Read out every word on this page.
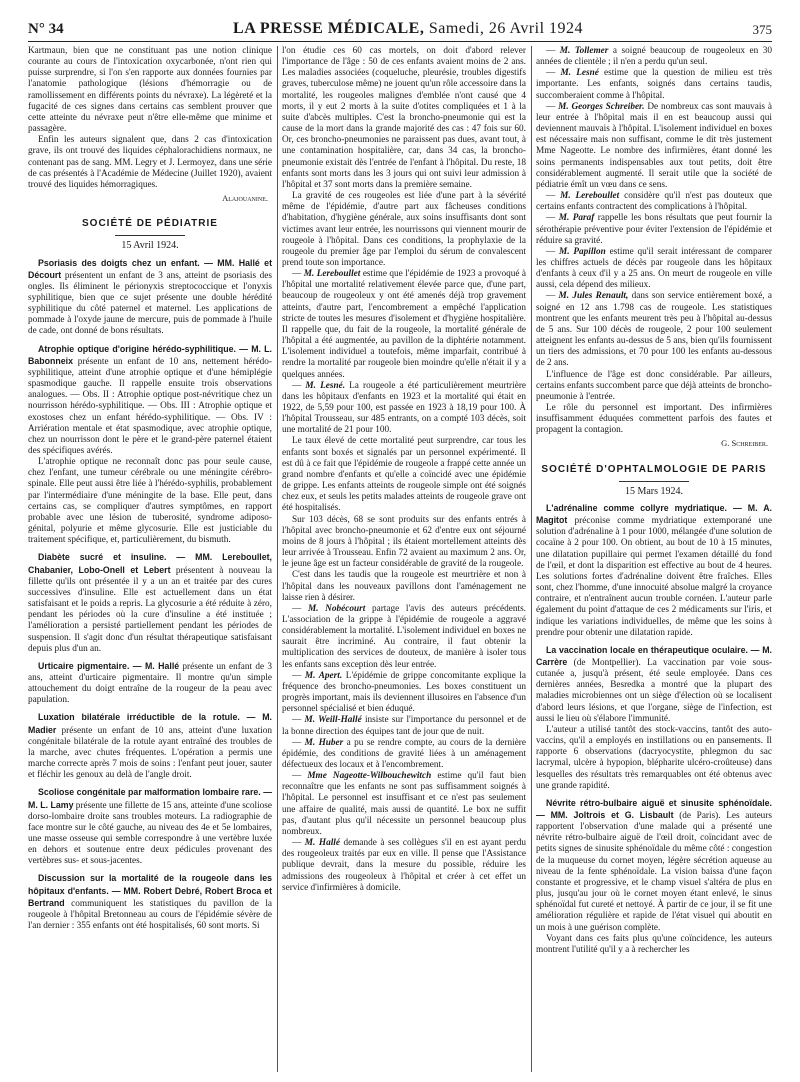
N° 34	LA PRESSE MÉDICALE, Samedi, 26 Avril 1924	375

Kartmaun, bien que ne constituant pas une notion clinique courante au cours de l'intoxication oxycarbonée, n'ont rien qui puisse surprendre, si l'on s'en rapporte aux données fournies par l'anatomie pathologique (lésions d'hémorragie ou de ramollissement en différents points du névraxe). La légèreté et la fugacité de ces signes dans certains cas semblent prouver que cette atteinte du névraxe peut n'être elle-même que minime et passagère.

Enfin les auteurs signalent que, dans 2 cas d'intoxication grave, ils ont trouvé des liquides céphalorachidiens normaux, ne contenant pas de sang. MM. Legry et J. Lermoyez, dans une série de cas présentés à l'Académie de Médecine (Juillet 1920), avaient trouvé des liquides hémorragiques.

Alajouanine.
SOCIÉTÉ DE PÉDIATRIE
15 Avril 1924.

Psoriasis des doigts chez un enfant. — MM. Hallé et Décourt présentent un enfant de 3 ans, atteint de psoriasis des ongles. Ils éliminent le périonyxis streptococcique et l'onyxis syphilitique, bien que ce sujet présente une double hérédité syphilitique du côté paternel et maternel. Les applications de pommade à l'oxyde jaune de mercure, puis de pommade à l'huile de cade, ont donné de bons résultats.

Atrophie optique d'origine hérédo-syphilitique. — M. L. Babonneix présente un enfant de 10 ans, nettement hérédo-syphilitique, atteint d'une atrophie optique et d'une hémiplégie spasmodique gauche. Il rappelle ensuite trois observations analogues. — Obs. II : Atrophie optique post-névritique chez un nourrisson hérédo-syphilitique. — Obs. III : Atrophie optique et exostoses chez un enfant hérédo-syphilitique. — Obs. IV : Arriération mentale et état spasmodique, avec atrophie optique, chez un nourrisson dont le père et le grand-père paternel étaient des spécifiques avérés.

L'atrophie optique ne reconnaît donc pas pour seule cause, chez l'enfant, une tumeur cérébrale ou une méningite cérébro-spinale. Elle peut aussi être liée à l'hérédo-syphilis, probablement par l'intermédiaire d'une méningite de la base. Elle peut, dans certains cas, se compliquer d'autres symptômes, en rapport probable avec une lésion de tuberosité, syndrome adiposo-génital, polyurie et même glycosurie. Elle est justiciable du traitement spécifique, et, particulièrement, du bismuth.

Diabète sucré et insuline. — MM. Lereboullet, Chabanier, Lobo-Onell et Lebert présentent à nouveau la fillette qu'ils ont présentée il y a un an et traitée par des cures successives d'insuline. Elle est actuellement dans un état satisfaisant et le poids a repris. La glycosurie a été réduite à zéro, pendant les périodes où la cure d'insuline a été instituée ; l'amélioration a persisté partiellement pendant les périodes de suspension. Il s'agit donc d'un résultat thérapeutique satisfaisant depuis plus d'un an.

Urticaire pigmentaire. — M. Hallé présente un enfant de 3 ans, atteint d'urticaire pigmentaire. Il montre qu'un simple attouchement du doigt entraîne de la rougeur de la peau avec papulation.

Luxation bilatérale irréductible de la rotule. — M. Madier présente un enfant de 10 ans, atteint d'une luxation congénitale bilatérale de la rotule ayant entraîné des troubles de la marche, avec chutes fréquentes. L'opération a permis une marche correcte après 7 mois de soins : l'enfant peut jouer, sauter et fléchir les genoux au delà de l'angle droit.

Scoliose congénitale par malformation lombaire rare. — M. L. Lamy présente une fillette de 15 ans, atteinte d'une scoliose dorso-lombaire droite sans troubles moteurs. La radiographie de face montre sur le côté gauche, au niveau des 4e et 5e lombaires, une masse osseuse qui semble correspondre à une vertèbre luxée en dehors et soutenue entre deux pédicules provenant des vertèbres sus- et sous-jacentes.

Discussion sur la mortalité de la rougeole dans les hôpitaux d'enfants. — MM. Robert Debré, Robert Broca et Bertrand communiquent les statistiques du pavillon de la rougeole à l'hôpital Bretonneau au cours de l'épidémie sévère de l'an dernier : 355 enfants ont été hospitalisés, 60 sont morts. Si

l'on étudie ces 60 cas mortels, on doit d'abord relever l'importance de l'âge : 50 de ces enfants avaient moins de 2 ans. Les maladies associées (coqueluche, pleurésie, troubles digestifs graves, tuberculose même) ne jouent qu'un rôle accessoire dans la mortalité, les rougeoles malignes d'emblée n'ont causé que 4 morts, il y eut 2 morts à la suite d'otites compliquées et 1 à la suite d'abcès multiples. C'est la broncho-pneumonie qui est la cause de la mort dans la grande majorité des cas : 47 fois sur 60. Or, ces broncho-pneumonies ne paraissent pas dues, avant tout, à une contamination hospitalière, car, dans 34 cas, la broncho-pneumonie existait dès l'entrée de l'enfant à l'hôpital. Du reste, 18 enfants sont morts dans les 3 jours qui ont suivi leur admission à l'hôpital et 37 sont morts dans la première semaine.

La gravité de ces rougeoles est liée d'une part à la sévérité même de l'épidémie, d'autre part aux fâcheuses conditions d'habitation, d'hygiène générale, aux soins insuffisants dont sont victimes avant leur entrée, les nourrissons qui viennent mourir de rougeole à l'hôpital. Dans ces conditions, la prophylaxie de la rougeole du premier âge par l'emploi du sérum de convalescent prend toute son importance.

— M. Lereboullet estime que l'épidémie de 1923 a provoqué à l'hôpital une mortalité relativement élevée parce que, d'une part, beaucoup de rougeoleux y ont été amenés déjà trop gravement atteints, d'autre part, l'encombrement a empêché l'application stricte de toutes les mesures d'isolement et d'hygiène hospitalière. Il rappelle que, du fait de la rougeole, la mortalité générale de l'hôpital a été augmentée, au pavillon de la diphtérie notamment. L'isolement individuel a toutefois, même imparfait, contribué à rendre la mortalité par rougeole bien moindre qu'elle n'était il y a quelques années.

— M. Lesné. La rougeole a été particulièrement meurtrière dans les hôpitaux d'enfants en 1923 et la mortalité qui était en 1922, de 5,59 pour 100, est passée en 1923 à 18,19 pour 100. À l'hôpital Trousseau, sur 485 entrants, on a compté 103 décès, soit une mortalité de 21 pour 100.

Le taux élevé de cette mortalité peut surprendre, car tous les enfants sont boxés et signalés par un personnel expérimenté. Il est dû à ce fait que l'épidémie de rougeole a frappé cette année un grand nombre d'enfants et qu'elle a coïncidé avec une épidémie de grippe. Les enfants atteints de rougeole simple ont été soignés chez eux, et seuls les petits malades atteints de rougeole grave ont été hospitalisés.

Sur 103 décès, 68 se sont produits sur des enfants entrés à l'hôpital avec broncho-pneumonie et 62 d'entre eux ont séjourné moins de 8 jours à l'hôpital ; ils étaient mortellement atteints dès leur arrivée à Trousseau. Enfin 72 avaient au maximum 2 ans. Or, le jeune âge est un facteur considérable de gravité de la rougeole.

C'est dans les taudis que la rougeole est meurtrière et non à l'hôpital dans les nouveaux pavillons dont l'aménagement ne laisse rien à désirer.

— M. Nobécourt partage l'avis des auteurs précédents. L'association de la grippe à l'épidémie de rougeole a aggravé considérablement la mortalité. L'isolement individuel en boxes ne saurait être incriminé. Au contraire, il faut obtenir la multiplication des services de douteux, de manière à isoler tous les enfants sans exception dès leur entrée.

— M. Apert. L'épidémie de grippe concomitante explique la fréquence des broncho-pneumonies. Les boxes constituent un progrès important, mais ils deviennent illusoires en l'absence d'un personnel spécialisé et bien éduqué.

— M. Weill-Hallé insiste sur l'importance du personnel et de la bonne direction des équipes tant de jour que de nuit.

— M. Huber a pu se rendre compte, au cours de la dernière épidémie, des conditions de gravité liées à un aménagement défectueux des locaux et à l'encombrement.

— Mme Nageotte-Wilbouchewitch estime qu'il faut bien reconnaître que les enfants ne sont pas suffisamment soignés à l'hôpital. Le personnel est insuffisant et ce n'est pas seulement une affaire de qualité, mais aussi de quantité. Le box ne suffit pas, d'autant plus qu'il nécessite un personnel beaucoup plus nombreux.

— M. Hallé demande à ses collègues s'il en est ayant perdu des rougeoleux traités par eux en ville. Il pense que l'Assistance publique devrait, dans la mesure du possible, réduire les admissions des rougeoleux à l'hôpital et créer à cet effet un service d'infirmières à domicile.

— M. Tollemer a soigné beaucoup de rougeoleux en 30 années de clientèle ; il n'en a perdu qu'un seul.

— M. Lesné estime que la question de milieu est très importante. Les enfants, soignés dans certains taudis, succomberaient comme à l'hôpital.

— M. Georges Schreiber. De nombreux cas sont mauvais à leur entrée à l'hôpital mais il en est beaucoup aussi qui deviennent mauvais à l'hôpital. L'isolement individuel en boxes est nécessaire mais non suffisant, comme le dit très justement Mme Nageotte. Le nombre des infirmières, étant donné les soins permanents indispensables aux tout petits, doit être considérablement augmenté. Il serait utile que la société de pédiatrie émît un vœu dans ce sens.

— M. Lereboullet considère qu'il n'est pas douteux que certains enfants contractent des complications à l'hôpital.

— M. Paraf rappelle les bons résultats que peut fournir la sérothérapie préventive pour éviter l'extension de l'épidémie et réduire sa gravité.

— M. Papillon estime qu'il serait intéressant de comparer les chiffres actuels de décès par rougeole dans les hôpitaux d'enfants à ceux d'il y a 25 ans. On meurt de rougeole en ville aussi, cela dépend des milieux.

— M. Jules Renault, dans son service entièrement boxé, a soigné en 12 ans 1.798 cas de rougeole. Les statistiques montrent que les enfants meurent très peu à l'hôpital au-dessus de 5 ans. Sur 100 décès de rougeole, 2 pour 100 seulement atteignent les enfants au-dessus de 5 ans, bien qu'ils fournissent un tiers des admissions, et 70 pour 100 les enfants au-dessous de 2 ans.

L'influence de l'âge est donc considérable. Par ailleurs, certains enfants succombent parce que déjà atteints de broncho-pneumonie à l'entrée.

Le rôle du personnel est important. Des infirmières insuffisamment éduquées commettent parfois des fautes et propagent la contagion.

G. Schreiber.
SOCIÉTÉ D'OPHTALMOLOGIE DE PARIS
15 Mars 1924.

L'adrénaline comme collyre mydriatique. — M. A. Magitot préconise comme mydriatique extemporané une solution d'adrénaline à 1 pour 1000, mélangée d'une solution de cocaïne à 2 pour 100. On obtient, au bout de 10 à 15 minutes, une dilatation pupillaire qui permet l'examen détaillé du fond de l'œil, et dont la disparition est effective au bout de 4 heures. Les solutions fortes d'adrénaline doivent être fraîches. Elles sont, chez l'homme, d'une innocuité absolue malgré la croyance contraire, et n'entraînent aucun trouble cornéen. L'auteur parle également du point d'attaque de ces 2 médicaments sur l'iris, et indique les variations individuelles, de même que les soins à prendre pour obtenir une dilatation rapide.

La vaccination locale en thérapeutique oculaire. — M. Carrère (de Montpellier). La vaccination par voie sous-cutanée a, jusqu'à présent, été seule employée. Dans ces dernières années, Besredka a montré que la plupart des maladies microbiennes ont un siège d'élection où se localisent d'abord leurs lésions, et que l'organe, siège de l'infection, est aussi le lieu où s'élabore l'immunité.

L'auteur a utilisé tantôt des stock-vaccins, tantôt des auto-vaccins, qu'il a employés en instillations ou en pansements. Il rapporte 6 observations (dacryocystite, phlegmon du sac lacrymal, ulcère à hypopion, blépharite ulcéro-croûteuse) dans lesquelles des résultats très remarquables ont été obtenus avec une grande rapidité.

Névrite rétro-bulbaire aiguë et sinusite sphénoïdale. — MM. Joltrois et G. Lisbault (de Paris). Les auteurs rapportent l'observation d'une malade qui a présenté une névrite rétro-bulbaire aiguë de l'œil droit, coïncidant avec de petits signes de sinusite sphénoïdale du même côté : congestion de la muqueuse du cornet moyen, légère sécrétion aqueuse au niveau de la fente sphénoïdale. La vision baissa d'une façon constante et progressive, et le champ visuel s'altéra de plus en plus, jusqu'au jour où le cornet moyen étant enlevé, le sinus sphénoïdal fut cureté et nettoyé. À partir de ce jour, il se fit une amélioration régulière et rapide de l'état visuel qui aboutit en un mois à une guérison complète.

Voyant dans ces faits plus qu'une coïncidence, les auteurs montrent l'utilité qu'il y a à rechercher les
